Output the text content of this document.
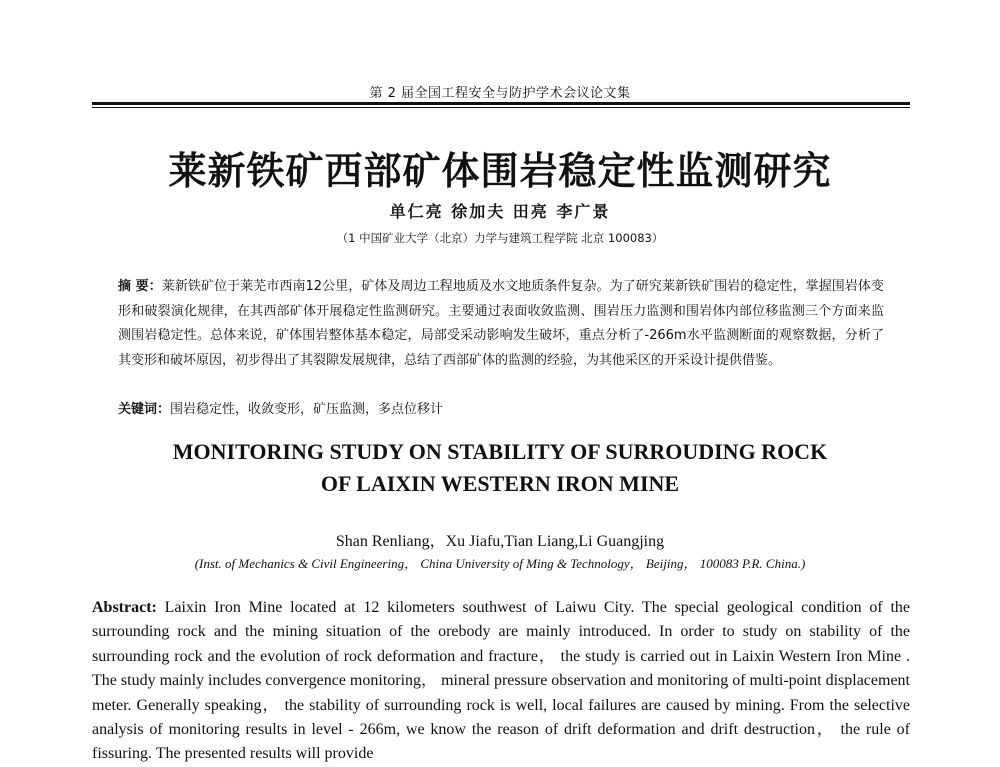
第 2 届全国工程安全与防护学术会议论文集
莱新铁矿西部矿体围岩稳定性监测研究
单仁亮 徐加夫 田亮 李广景
（1 中国矿业大学（北京）力学与建筑工程学院 北京 100083）

摘 要：莱新铁矿位于莱芜市西南12公里，矿体及周边工程地质及水文地质条件复杂。为了研究莱新铁矿围岩的稳定性，掌握围岩体变形和破裂演化规律，在其西部矿体开展稳定性监测研究。主要通过表面收敛监测、围岩压力监测和围岩体内部位移监测三个方面来监测围岩稳定性。总体来说，矿体围岩整体基本稳定，局部受采动影响发生破坏，重点分析了-266m水平监测断面的观察数据，分析了其变形和破坏原因，初步得出了其裂隙发展规律，总结了西部矿体的监测的经验，为其他采区的开采设计提供借鉴。

关键词：围岩稳定性，收敛变形，矿压监测，多点位移计

MONITORING STUDY ON STABILITY OF SURROUDING ROCK
OF LAIXIN WESTERN IRON MINE
Shan Renliang，Xu Jiafu,Tian Liang,Li Guangjing
(Inst. of Mechanics & Civil Engineering， China University of Ming & Technology， Beijing， 100083 P.R. China.)

Abstract: Laixin Iron Mine located at 12 kilometers southwest of Laiwu City. The special geological condition of the surrounding rock and the mining situation of the orebody are mainly introduced. In order to study on stability of the surrounding rock and the evolution of rock deformation and fracture， the study is carried out in Laixin Western Iron Mine . The study mainly includes convergence monitoring， mineral pressure observation and monitoring of multi-point displacement meter. Generally speaking， the stability of surrounding rock is well, local failures are caused by mining. From the selective analysis of monitoring results in level - 266m, we know the reason of drift deformation and drift destruction， the rule of fissuring. The presented results will provide
